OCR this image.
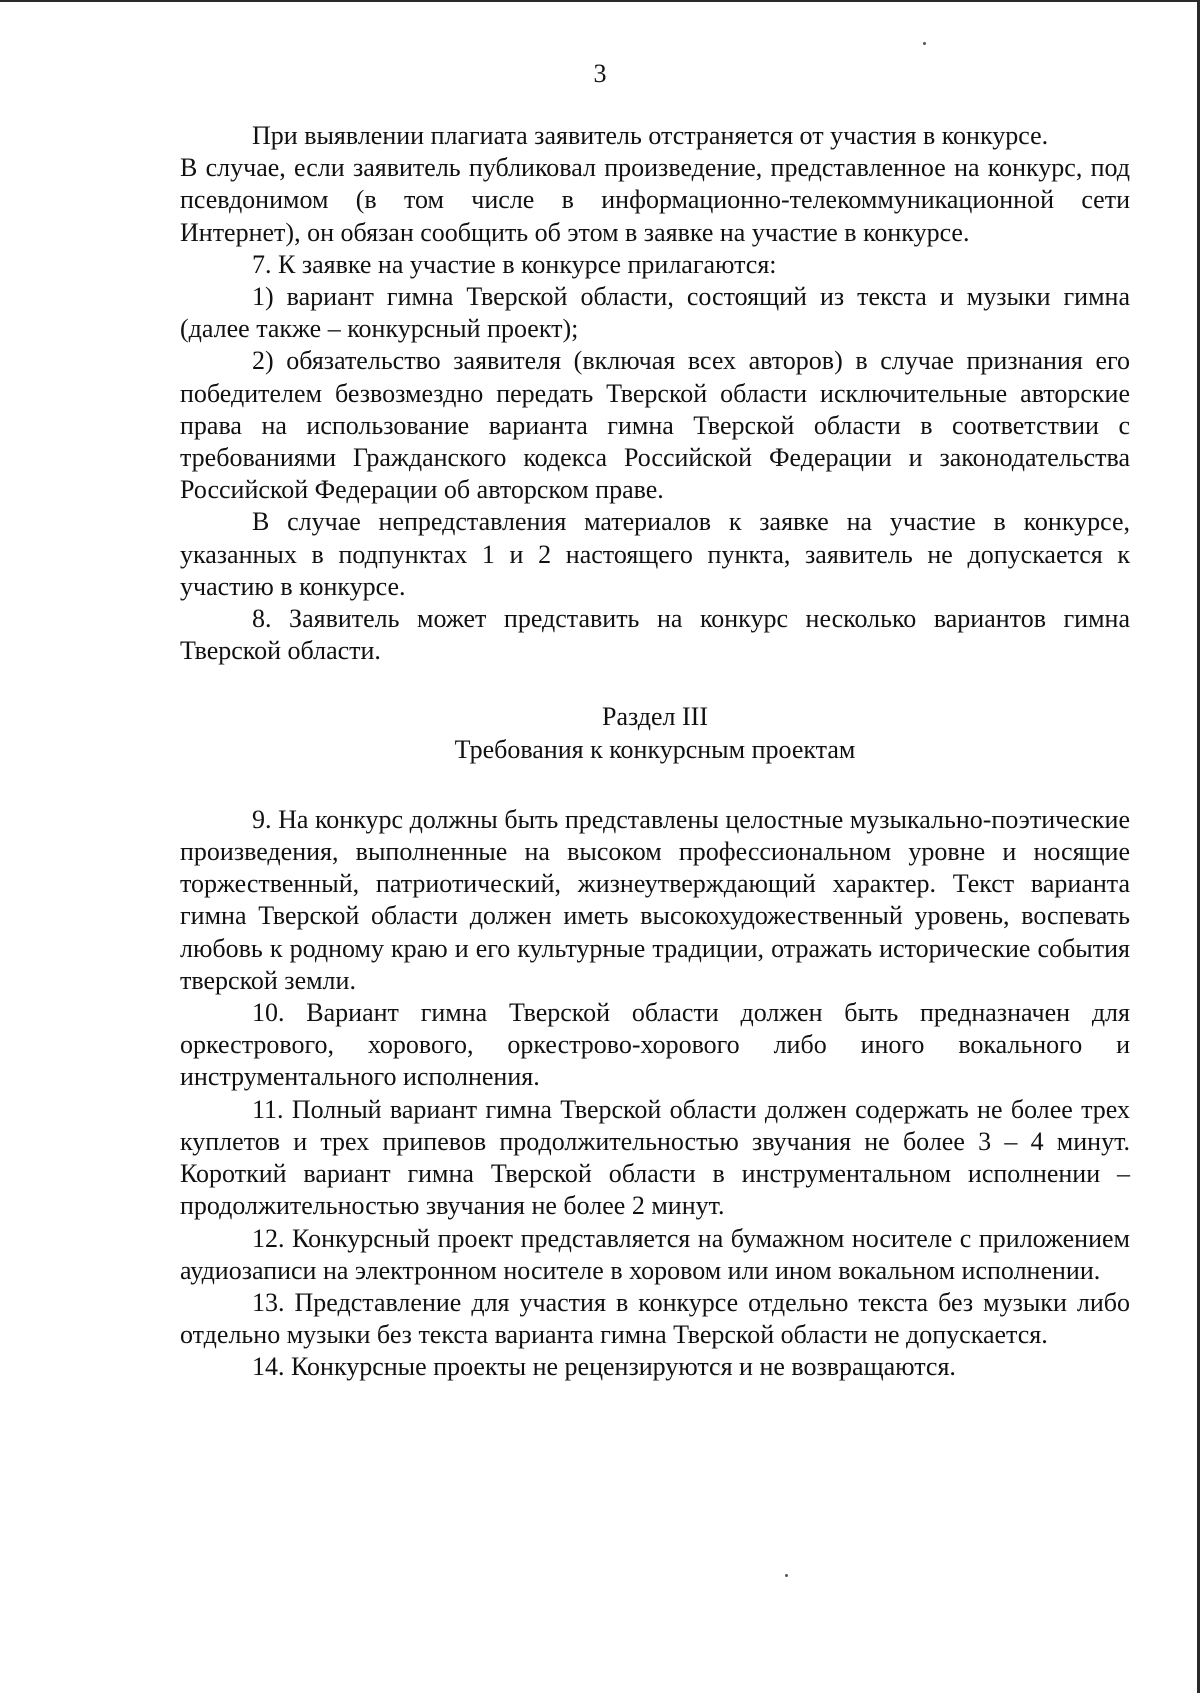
3

При выявлении плагиата заявитель отстраняется от участия в конкурсе.

В случае, если заявитель публиковал произведение, представленное на конкурс, под псевдонимом (в том числе в информационно-телекоммуникационной сети Интернет), он обязан сообщить об этом в заявке на участие в конкурсе.

7. К заявке на участие в конкурсе прилагаются:

1) вариант гимна Тверской области, состоящий из текста и музыки гимна (далее также – конкурсный проект);

2) обязательство заявителя (включая всех авторов) в случае признания его победителем безвозмездно передать Тверской области исключительные авторские права на использование варианта гимна Тверской области в соответствии с требованиями Гражданского кодекса Российской Федерации и законодательства Российской Федерации об авторском праве.

В случае непредставления материалов к заявке на участие в конкурсе, указанных в подпунктах 1 и 2 настоящего пункта, заявитель не допускается к участию в конкурсе.

8. Заявитель может представить на конкурс несколько вариантов гимна Тверской области.

Раздел III
Требования к конкурсным проектам

9. На конкурс должны быть представлены целостные музыкально-поэтические произведения, выполненные на высоком профессиональном уровне и носящие торжественный, патриотический, жизнеутверждающий характер. Текст варианта гимна Тверской области должен иметь высокохудожественный уровень, воспевать любовь к родному краю и его культурные традиции, отражать исторические события тверской земли.

10. Вариант гимна Тверской области должен быть предназначен для оркестрового, хорового, оркестрово-хорового либо иного вокального и инструментального исполнения.

11. Полный вариант гимна Тверской области должен содержать не более трех куплетов и трех припевов продолжительностью звучания не более 3 – 4 минут. Короткий вариант гимна Тверской области в инструментальном исполнении – продолжительностью звучания не более 2 минут.

12. Конкурсный проект представляется на бумажном носителе с приложением аудиозаписи на электронном носителе в хоровом или ином вокальном исполнении.

13. Представление для участия в конкурсе отдельно текста без музыки либо отдельно музыки без текста варианта гимна Тверской области не допускается.

14. Конкурсные проекты не рецензируются и не возвращаются.
